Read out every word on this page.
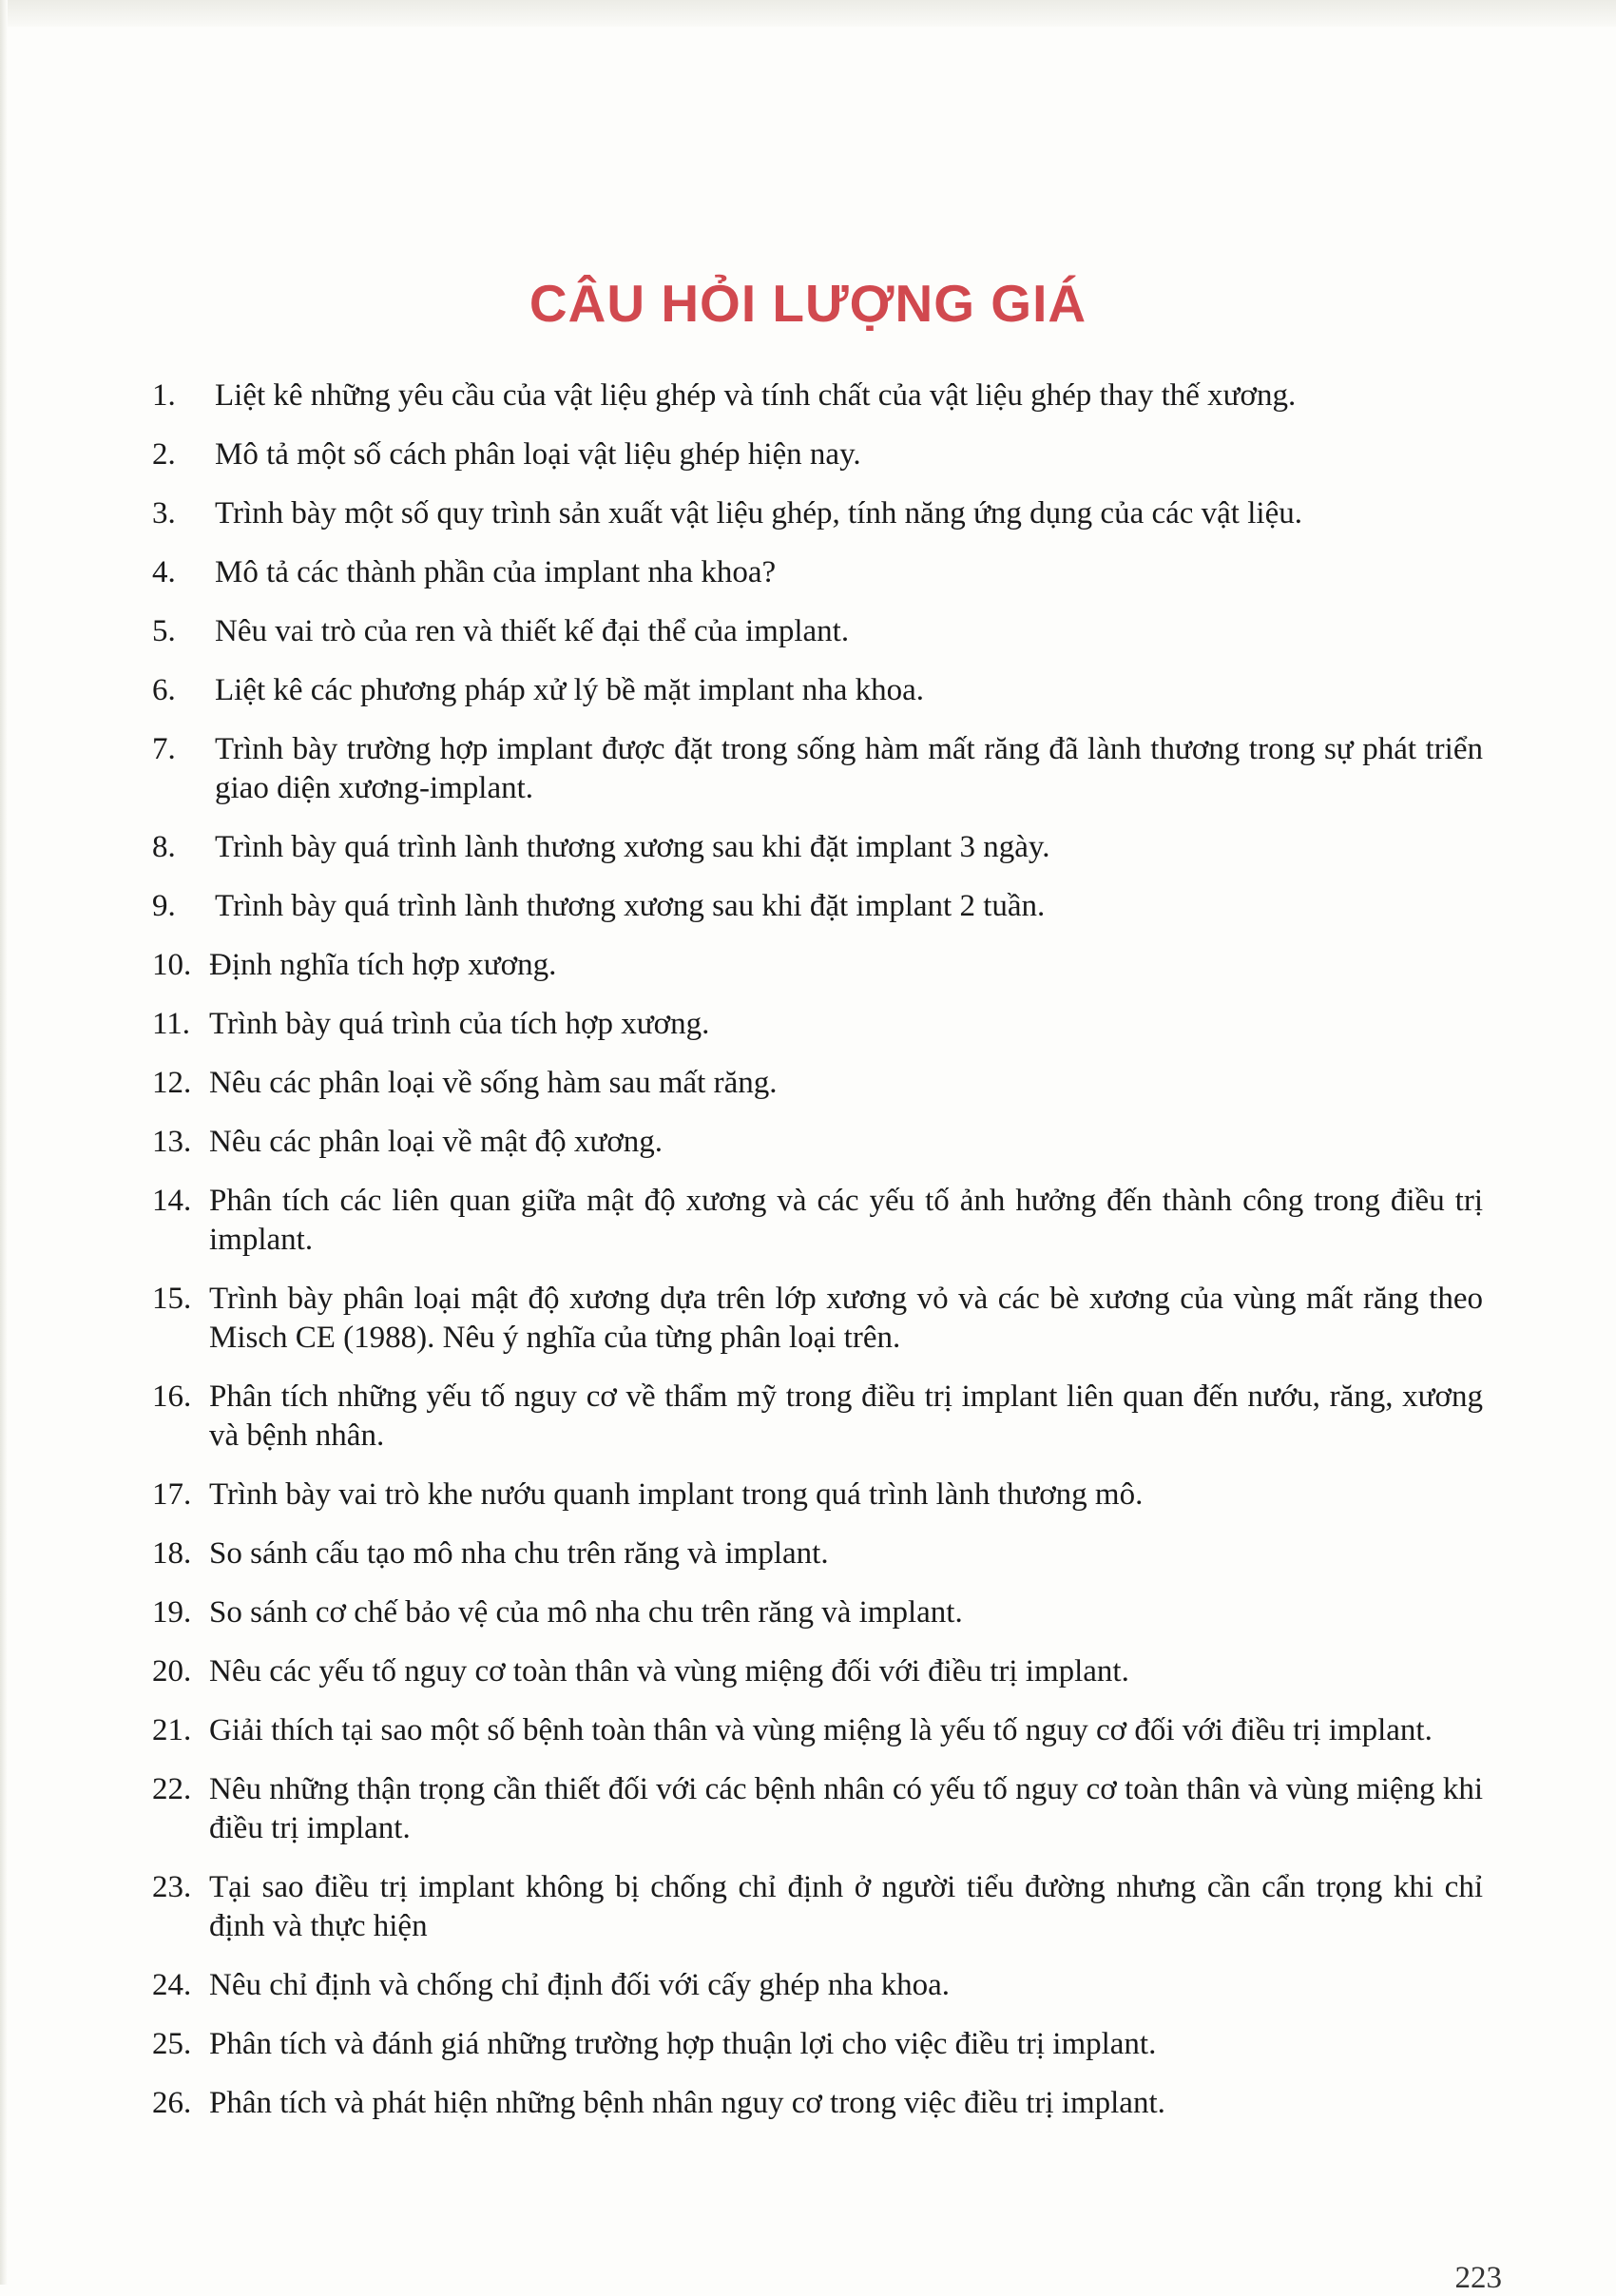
CÂU HỎI LƯỢNG GIÁ
1.	Liệt kê những yêu cầu của vật liệu ghép và tính chất của vật liệu ghép thay thế xương.
2.	Mô tả một số cách phân loại vật liệu ghép hiện nay.
3.	Trình bày một số quy trình sản xuất vật liệu ghép, tính năng ứng dụng của các vật liệu.
4.	Mô tả các thành phần của implant nha khoa?
5.	Nêu vai trò của ren và thiết kế đại thể của implant.
6.	Liệt kê các phương pháp xử lý bề mặt implant nha khoa.
7.	Trình bày trường hợp implant được đặt trong sống hàm mất răng đã lành thương trong sự phát triển giao diện xương-implant.
8.	Trình bày quá trình lành thương xương sau khi đặt implant 3 ngày.
9.	Trình bày quá trình lành thương xương sau khi đặt implant 2 tuần.
10. Định nghĩa tích hợp xương.
11. Trình bày quá trình của tích hợp xương.
12. Nêu các phân loại về sống hàm sau mất răng.
13. Nêu các phân loại về mật độ xương.
14. Phân tích các liên quan giữa mật độ xương và các yếu tố ảnh hưởng đến thành công trong điều trị implant.
15. Trình bày phân loại mật độ xương dựa trên lớp xương vỏ và các bè xương của vùng mất răng theo Misch CE (1988). Nêu ý nghĩa của từng phân loại trên.
16. Phân tích những yếu tố nguy cơ về thẩm mỹ trong điều trị implant liên quan đến nướu, răng, xương và bệnh nhân.
17. Trình bày vai trò khe nướu quanh implant trong quá trình lành thương mô.
18. So sánh cấu tạo mô nha chu trên răng và implant.
19. So sánh cơ chế bảo vệ của mô nha chu trên răng và implant.
20. Nêu các yếu tố nguy cơ toàn thân và vùng miệng đối với điều trị implant.
21. Giải thích tại sao một số bệnh toàn thân và vùng miệng là yếu tố nguy cơ đối với điều trị implant.
22. Nêu những thận trọng cần thiết đối với các bệnh nhân có yếu tố nguy cơ toàn thân và vùng miệng khi điều trị implant.
23. Tại sao điều trị implant không bị chống chỉ định ở người tiểu đường nhưng cần cẩn trọng khi chỉ định và thực hiện
24. Nêu chỉ định và chống chỉ định đối với cấy ghép nha khoa.
25. Phân tích và đánh giá những trường hợp thuận lợi cho việc điều trị implant.
26. Phân tích và phát hiện những bệnh nhân nguy cơ trong việc điều trị implant.
223
